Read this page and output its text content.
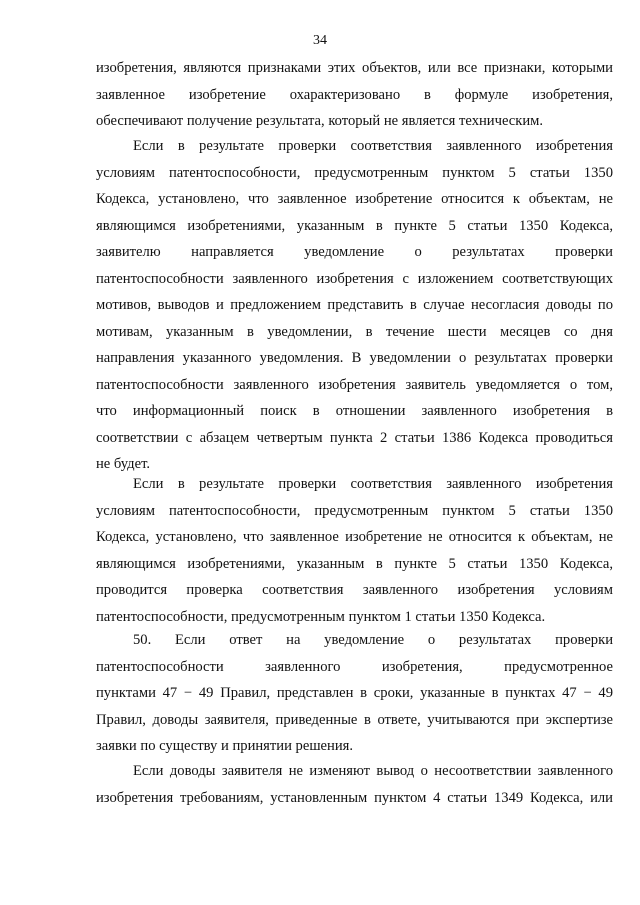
34
изобретения, являются признаками этих объектов, или все признаки, которыми
заявленное изобретение охарактеризовано в формуле изобретения,
обеспечивают получение результата, который не является техническим.
Если в результате проверки соответствия заявленного изобретения
условиям патентоспособности, предусмотренным пунктом 5 статьи 1350
Кодекса, установлено, что заявленное изобретение относится к объектам, не
являющимся изобретениями, указанным в пункте 5 статьи 1350 Кодекса,
заявителю направляется уведомление о результатах проверки
патентоспособности заявленного изобретения с изложением соответствующих
мотивов, выводов и предложением представить в случае несогласия доводы по
мотивам, указанным в уведомлении, в течение шести месяцев со дня
направления указанного уведомления. В уведомлении о результатах проверки
патентоспособности заявленного изобретения заявитель уведомляется о том,
что информационный поиск в отношении заявленного изобретения в
соответствии с абзацем четвертым пункта 2 статьи 1386 Кодекса проводиться
не будет.
Если в результате проверки соответствия заявленного изобретения
условиям патентоспособности, предусмотренным пунктом 5 статьи 1350
Кодекса, установлено, что заявленное изобретение не относится к объектам, не
являющимся изобретениями, указанным в пункте 5 статьи 1350 Кодекса,
проводится проверка соответствия заявленного изобретения условиям
патентоспособности, предусмотренным пунктом 1 статьи 1350 Кодекса.
50. Если ответ на уведомление о результатах проверки
патентоспособности заявленного изобретения, предусмотренное
пунктами 47 − 49 Правил, представлен в сроки, указанные в пунктах 47 − 49
Правил, доводы заявителя, приведенные в ответе, учитываются при экспертизе
заявки по существу и принятии решения.
Если доводы заявителя не изменяют вывод о несоответствии заявленного
изобретения требованиям, установленным пунктом 4 статьи 1349 Кодекса, или
